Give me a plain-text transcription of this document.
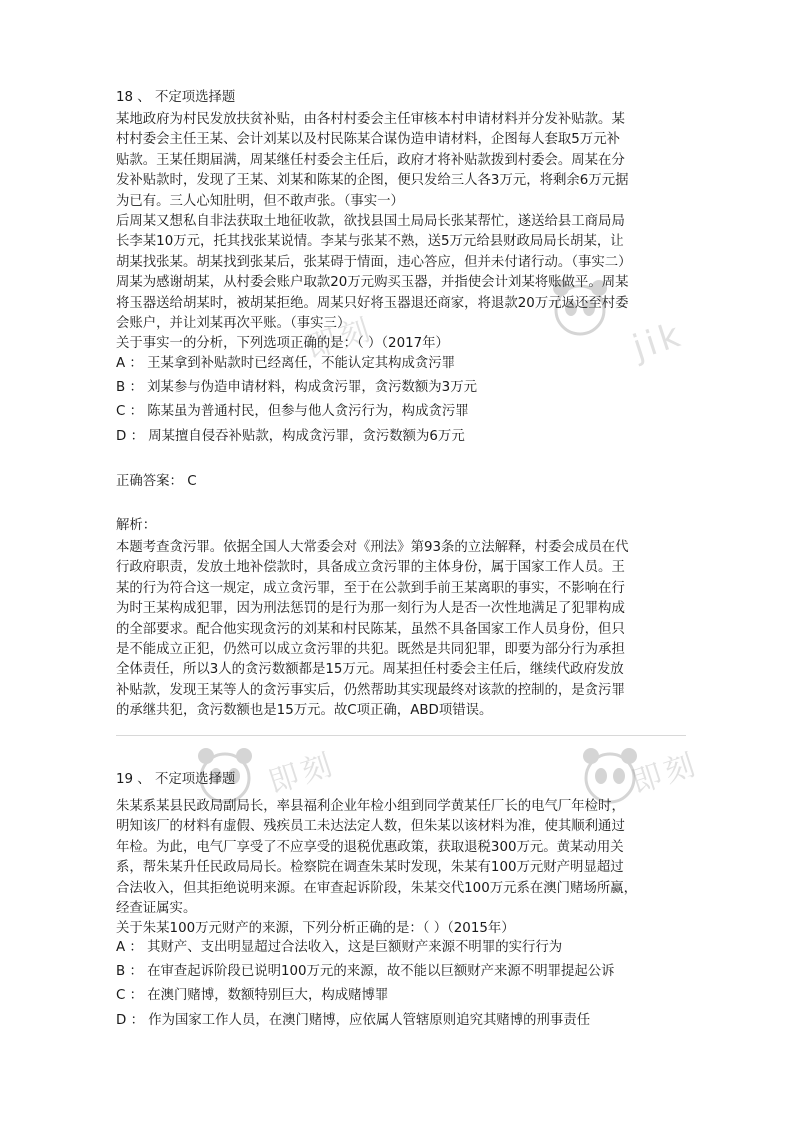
jik
即刻
即刻	即刻
18 、 不定项选择题
某地政府为村民发放扶贫补贴，由各村村委会主任审核本村申请材料并分发补贴款。某
村村委会主任王某、会计刘某以及村民陈某合谋伪造申请材料，企图每人套取5万元补
贴款。王某任期届满，周某继任村委会主任后，政府才将补贴款拨到村委会。周某在分
发补贴款时，发现了王某、刘某和陈某的企图，便只发给三人各3万元，将剩余6万元据
为已有。三人心知肚明，但不敢声张。（事实一）
后周某又想私自非法获取土地征收款，欲找县国土局局长张某帮忙，遂送给县工商局局
长李某10万元，托其找张某说情。李某与张某不熟，送5万元给县财政局局长胡某，让
胡某找张某。胡某找到张某后，张某碍于情面，违心答应，但并未付诸行动。（事实二）
周某为感谢胡某，从村委会账户取款20万元购买玉器，并指使会计刘某将账做平。周某
将玉器送给胡某时，被胡某拒绝。周某只好将玉器退还商家，将退款20万元返还至村委
会账户，并让刘某再次平账。（事实三）
关于事实一的分析，下列选项正确的是：（ ）（2017年）
A ： 王某拿到补贴款时已经离任，不能认定其构成贪污罪
B ： 刘某参与伪造申请材料，构成贪污罪，贪污数额为3万元
C ： 陈某虽为普通村民，但参与他人贪污行为，构成贪污罪
D ： 周某擅自侵吞补贴款，构成贪污罪，贪污数额为6万元
正确答案： C
解析：
本题考查贪污罪。依据全国人大常委会对《刑法》第93条的立法解释，村委会成员在代
行政府职责，发放土地补偿款时，具备成立贪污罪的主体身份，属于国家工作人员。王
某的行为符合这一规定，成立贪污罪，至于在公款到手前王某离职的事实，不影响在行
为时王某构成犯罪，因为刑法惩罚的是行为那一刻行为人是否一次性地满足了犯罪构成
的全部要求。配合他实现贪污的刘某和村民陈某，虽然不具备国家工作人员身份，但只
是不能成立正犯，仍然可以成立贪污罪的共犯。既然是共同犯罪，即要为部分行为承担
全体责任，所以3人的贪污数额都是15万元。周某担任村委会主任后，继续代政府发放
补贴款，发现王某等人的贪污事实后，仍然帮助其实现最终对该款的控制的，是贪污罪
的承继共犯，贪污数额也是15万元。故C项正确，ABD项错误。
19 、 不定项选择题
朱某系某县民政局副局长，率县福利企业年检小组到同学黄某任厂长的电气厂年检时，
明知该厂的材料有虚假、残疾员工未达法定人数，但朱某以该材料为准，使其顺利通过
年检。为此，电气厂享受了不应享受的退税优惠政策，获取退税300万元。黄某动用关
系，帮朱某升任民政局局长。检察院在调查朱某时发现，朱某有100万元财产明显超过
合法收入，但其拒绝说明来源。在审查起诉阶段，朱某交代100万元系在澳门赌场所赢，
经查证属实。
关于朱某100万元财产的来源，下列分析正确的是：（ ）（2015年）
A ： 其财产、支出明显超过合法收入，这是巨额财产来源不明罪的实行行为
B ： 在审查起诉阶段已说明100万元的来源，故不能以巨额财产来源不明罪提起公诉
C ： 在澳门赌博，数额特别巨大，构成赌博罪
D ： 作为国家工作人员，在澳门赌博，应依属人管辖原则追究其赌博的刑事责任
